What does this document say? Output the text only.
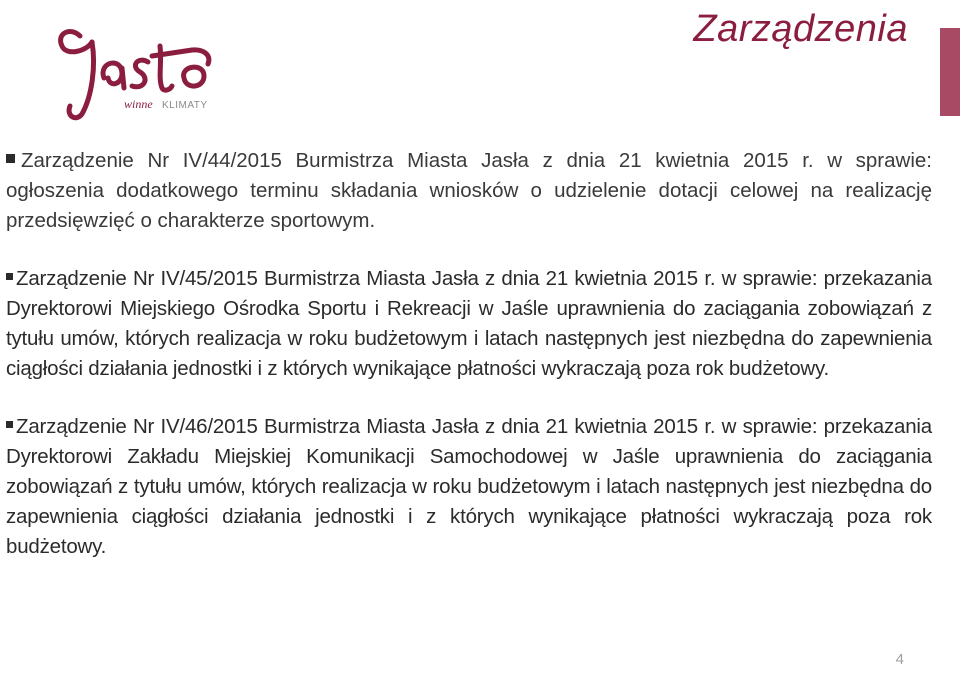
winne KLIMATY
Zarządzenia
Zarządzenie Nr IV/44/2015 Burmistrza Miasta Jasła z dnia 21 kwietnia 2015 r. w sprawie: ogłoszenia dodatkowego terminu składania wniosków o udzielenie dotacji celowej na realizację przedsięwzięć o charakterze sportowym.
Zarządzenie Nr IV/45/2015 Burmistrza Miasta Jasła z dnia 21 kwietnia 2015 r. w sprawie: przekazania Dyrektorowi Miejskiego Ośrodka Sportu i Rekreacji w Jaśle uprawnienia do zaciągania zobowiązań z tytułu umów, których realizacja w roku budżetowym i latach następnych jest niezbędna do zapewnienia ciągłości działania jednostki i z których wynikające płatności wykraczają poza rok budżetowy.
Zarządzenie Nr IV/46/2015 Burmistrza Miasta Jasła z dnia 21 kwietnia 2015 r. w sprawie: przekazania Dyrektorowi Zakładu Miejskiej Komunikacji Samochodowej w Jaśle uprawnienia do zaciągania zobowiązań z tytułu umów, których realizacja w roku budżetowym i latach następnych jest niezbędna do zapewnienia ciągłości działania jednostki i z których wynikające płatności wykraczają poza rok budżetowy.
4
